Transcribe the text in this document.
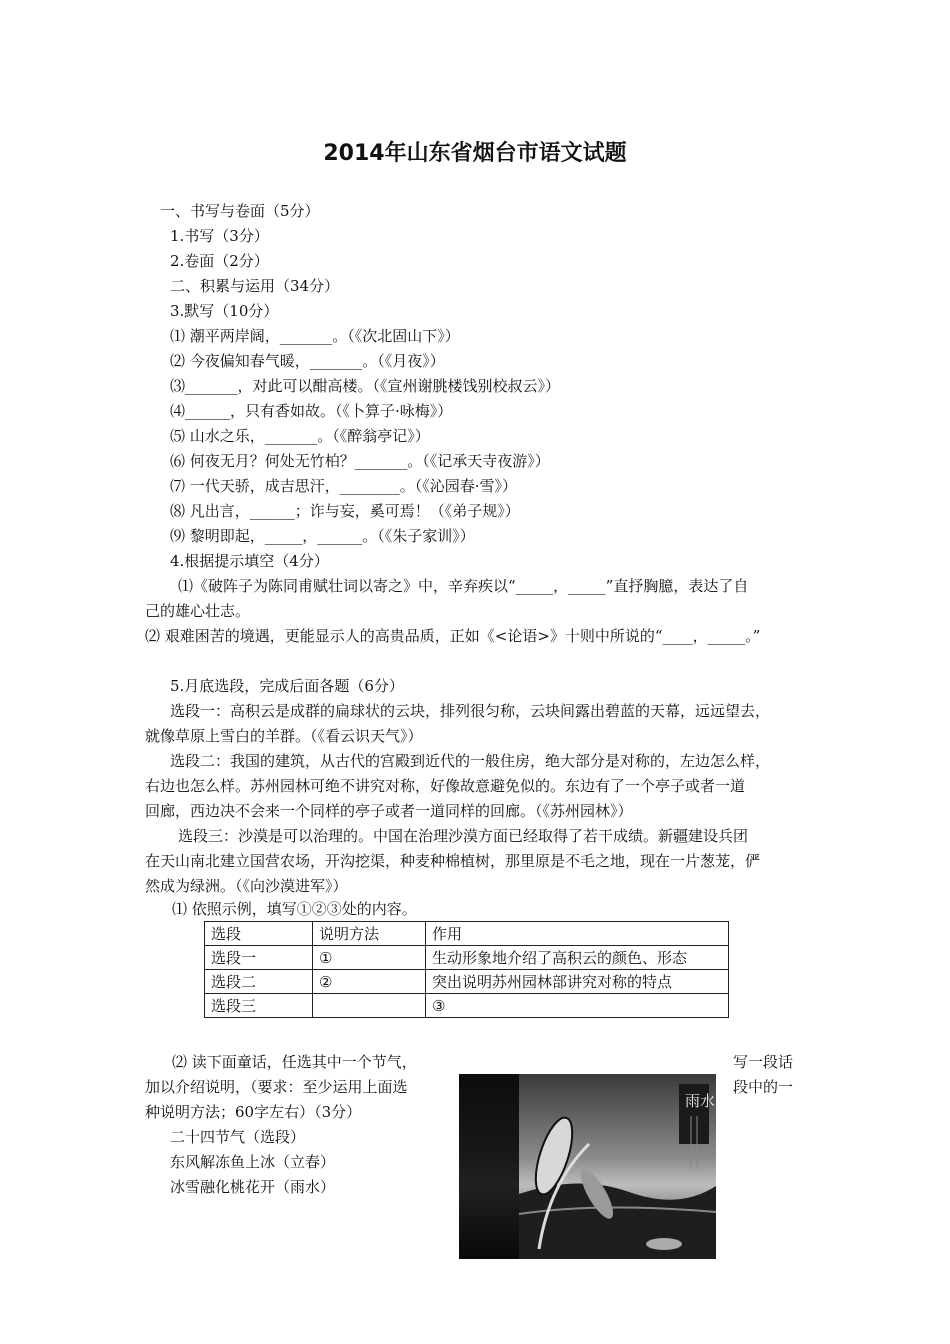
2014年山东省烟台市语文试题
一、书写与卷面（5分）
1.书写（3分）
2.卷面（2分）
二、积累与运用（34分）
3.默写（10分）
⑴ 潮平两岸阔，_______。（《次北固山下》）
⑵ 今夜偏知春气暖，_______。（《月夜》）
⑶_______，对此可以酣高楼。（《宣州谢朓楼饯别校叔云》）
⑷______，只有香如故。（《卜算子·咏梅》）
⑸ 山水之乐，_______。（《醉翁亭记》）
⑹ 何夜无月？何处无竹柏？_______。（《记承天寺夜游》）
⑺ 一代天骄，成吉思汗，________。（《沁园春·雪》）
⑻ 凡出言，______；诈与妄，奚可焉！（《弟子规》）
⑼ 黎明即起，_____，______。（《朱子家训》）
4.根据提示填空（4分）
⑴《破阵子为陈同甫赋壮词以寄之》中，辛弃疾以“_____，_____”直抒胸臆，表达了自
己的雄心壮志。
⑵ 艰难困苦的境遇，更能显示人的高贵品质，正如《<论语>》十则中所说的“____，_____。”
5.月底选段，完成后面各题（6分）
选段一：高积云是成群的扁球状的云块，排列很匀称，云块间露出碧蓝的天幕，远远望去，
就像草原上雪白的羊群。（《看云识天气》）
选段二：我国的建筑，从古代的宫殿到近代的一般住房，绝大部分是对称的，左边怎么样，
右边也怎么样。苏州园林可绝不讲究对称，好像故意避免似的。东边有了一个亭子或者一道
回廊，西边决不会来一个同样的亭子或者一道同样的回廊。（《苏州园林》）
选段三：沙漠是可以治理的。中国在治理沙漠方面已经取得了若干成绩。新疆建设兵团
在天山南北建立国营农场，开沟挖渠，种麦种棉植树，那里原是不毛之地，现在一片葱茏，俨
然成为绿洲。（《向沙漠进军》）
⑴ 依照示例，填写①②③处的内容。
选段	说明方法	作用
选段一	①	生动形象地介绍了高积云的颜色、形态
选段二	②	突出说明苏州园林部讲究对称的特点
选段三		③
⑵ 读下面童话，任选其中一个节气，	写一段话
加以介绍说明，（要求：至少运用上面选	段中的一
种说明方法；60字左右）（3分）
二十四节气（选段）
东风解冻鱼上冰（立春）
冰雪融化桃花开（雨水）
雨水
